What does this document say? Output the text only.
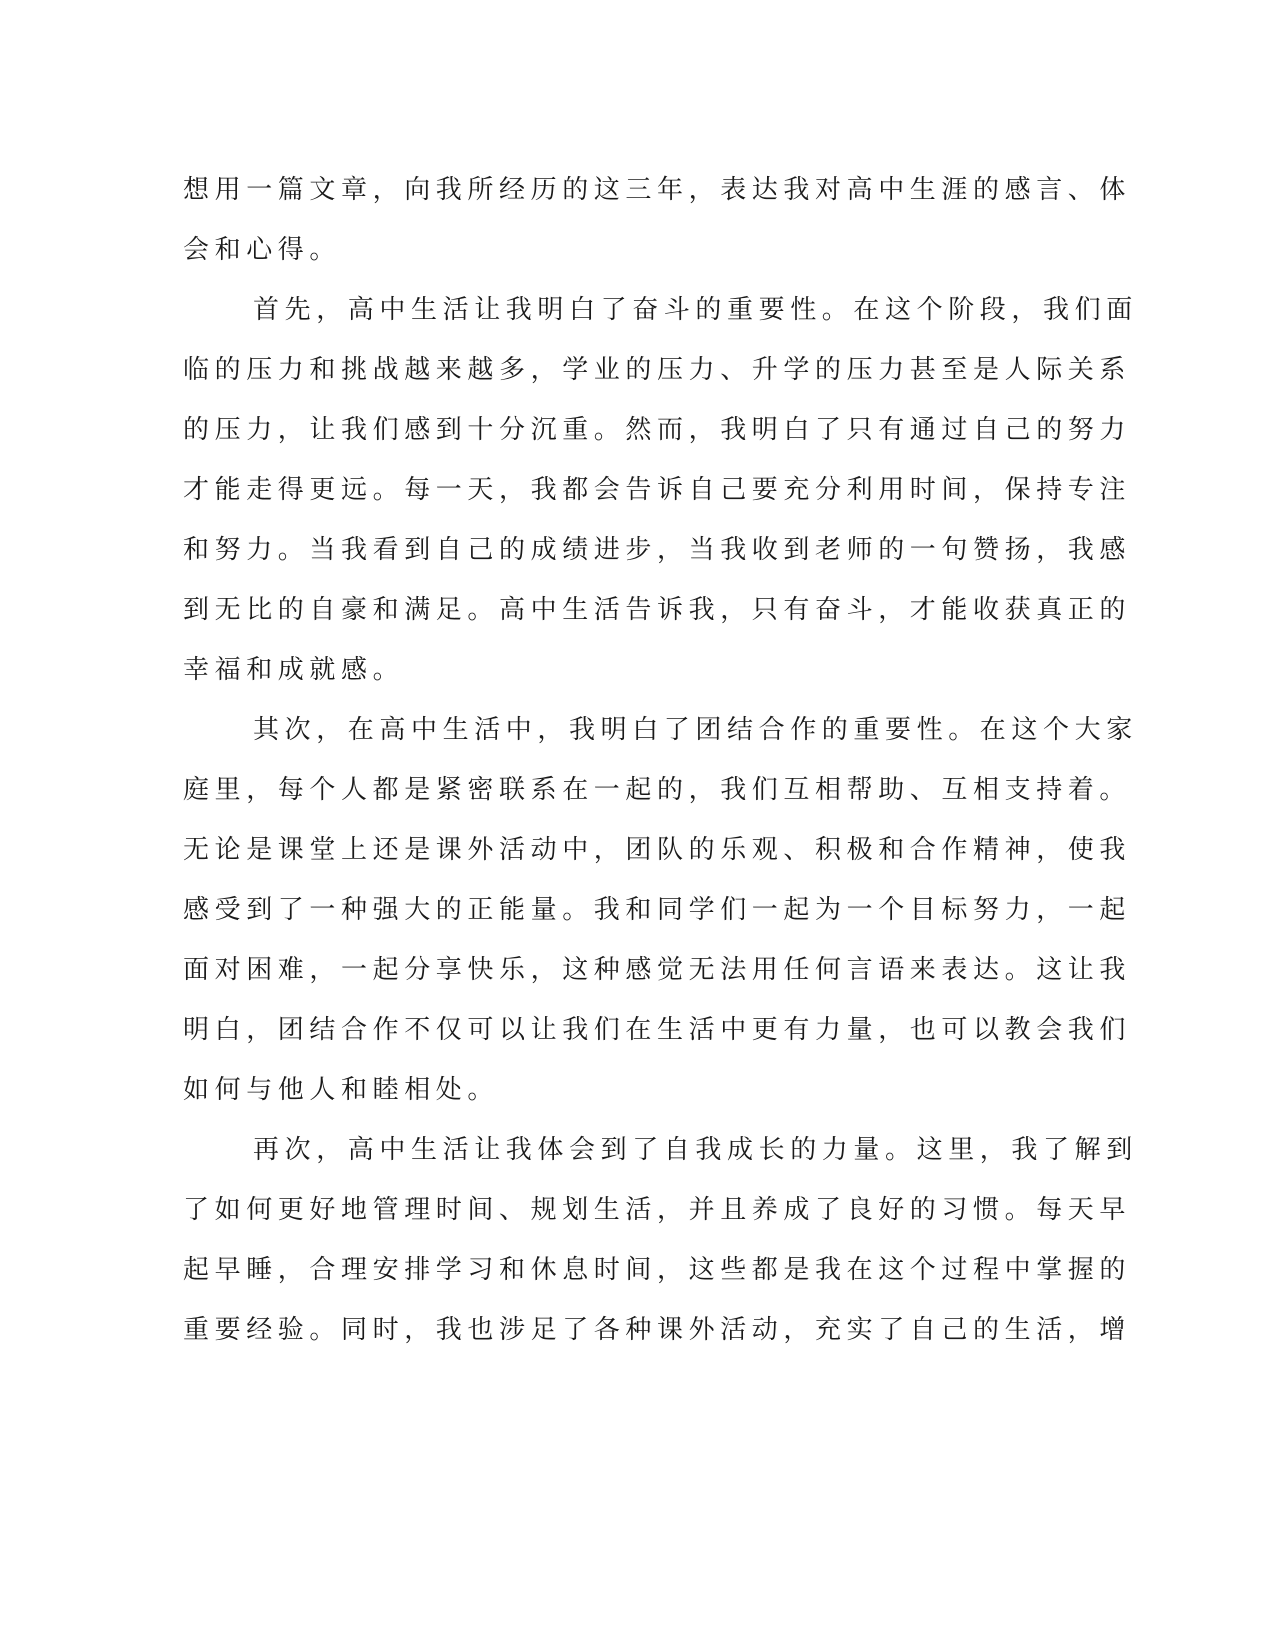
想用一篇文章，向我所经历的这三年，表达我对高中生涯的感言、体
会和心得。
首先，高中生活让我明白了奋斗的重要性。在这个阶段，我们面
临的压力和挑战越来越多，学业的压力、升学的压力甚至是人际关系
的压力，让我们感到十分沉重。然而，我明白了只有通过自己的努力
才能走得更远。每一天，我都会告诉自己要充分利用时间，保持专注
和努力。当我看到自己的成绩进步，当我收到老师的一句赞扬，我感
到无比的自豪和满足。高中生活告诉我，只有奋斗，才能收获真正的
幸福和成就感。
其次，在高中生活中，我明白了团结合作的重要性。在这个大家
庭里，每个人都是紧密联系在一起的，我们互相帮助、互相支持着。
无论是课堂上还是课外活动中，团队的乐观、积极和合作精神，使我
感受到了一种强大的正能量。我和同学们一起为一个目标努力，一起
面对困难，一起分享快乐，这种感觉无法用任何言语来表达。这让我
明白，团结合作不仅可以让我们在生活中更有力量，也可以教会我们
如何与他人和睦相处。
再次，高中生活让我体会到了自我成长的力量。这里，我了解到
了如何更好地管理时间、规划生活，并且养成了良好的习惯。每天早
起早睡，合理安排学习和休息时间，这些都是我在这个过程中掌握的
重要经验。同时，我也涉足了各种课外活动，充实了自己的生活，增
